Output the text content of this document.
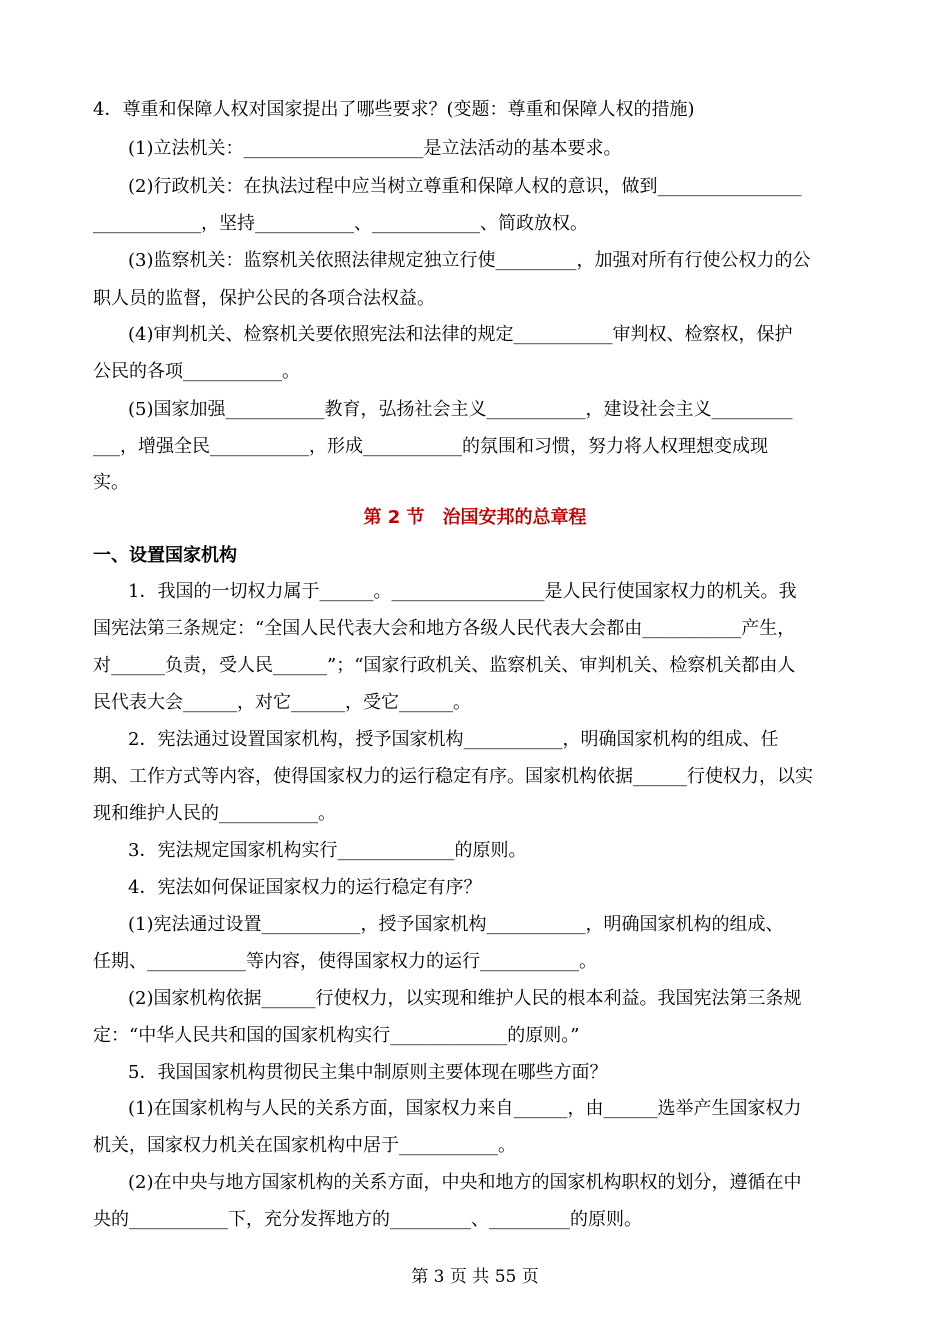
4．尊重和保障人权对国家提出了哪些要求？(变题：尊重和保障人权的措施)
(1)立法机关：____________________是立法活动的基本要求。
(2)行政机关：在执法过程中应当树立尊重和保障人权的意识，做到________________
____________，坚持___________、____________、简政放权。
(3)监察机关：监察机关依照法律规定独立行使_________，加强对所有行使公权力的公
职人员的监督，保护公民的各项合法权益。
(4)审判机关、检察机关要依照宪法和法律的规定___________审判权、检察权，保护
公民的各项___________。
(5)国家加强___________教育，弘扬社会主义___________，建设社会主义_________
___，增强全民___________，形成___________的氛围和习惯，努力将人权理想变成现
实。
第 2 节　治国安邦的总章程
一、设置国家机构
1．我国的一切权力属于______。_________________是人民行使国家权力的机关。我
国宪法第三条规定：“全国人民代表大会和地方各级人民代表大会都由___________产生，
对______负责，受人民______”；“国家行政机关、监察机关、审判机关、检察机关都由人
民代表大会______，对它______，受它______。
2．宪法通过设置国家机构，授予国家机构___________，明确国家机构的组成、任
期、工作方式等内容，使得国家权力的运行稳定有序。国家机构依据______行使权力，以实
现和维护人民的___________。
3．宪法规定国家机构实行_____________的原则。
4．宪法如何保证国家权力的运行稳定有序？
(1)宪法通过设置___________，授予国家机构___________，明确国家机构的组成、
任期、___________等内容，使得国家权力的运行___________。
(2)国家机构依据______行使权力，以实现和维护人民的根本利益。我国宪法第三条规
定：“中华人民共和国的国家机构实行_____________的原则。”
5．我国国家机构贯彻民主集中制原则主要体现在哪些方面？
(1)在国家机构与人民的关系方面，国家权力来自______，由______选举产生国家权力
机关，国家权力机关在国家机构中居于___________。
(2)在中央与地方国家机构的关系方面，中央和地方的国家机构职权的划分，遵循在中
央的___________下，充分发挥地方的_________、_________的原则。
第 3 页 共 55 页
